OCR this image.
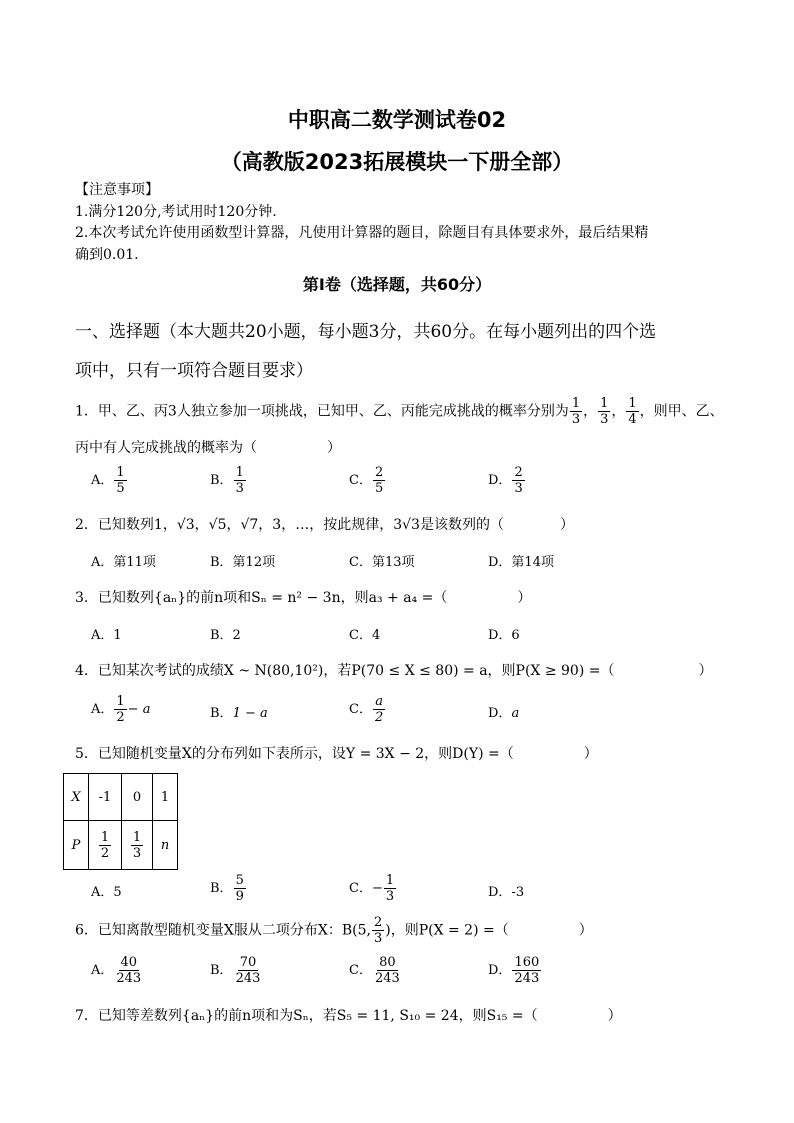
中职高二数学测试卷02
（高教版2023拓展模块一下册全部）
【注意事项】
1.满分120分,考试用时120分钟.
2.本次考试允许使用函数型计算器，凡使用计算器的题目，除题目有具体要求外，最后结果精
确到0.01.
第Ⅰ卷（选择题，共60分）
一、选择题（本大题共20小题，每小题3分，共60分。在每小题列出的四个选
项中，只有一项符合题目要求）
1．甲、乙、丙3人独立参加一项挑战，已知甲、乙、丙能完成挑战的概率分别为 $\frac{1}{3}$ ， $\frac{1}{3}$ ， $\frac{1}{4}$ ，则甲、乙、
丙中有人完成挑战的概率为（　　　　　）
A． $\frac{1}{5}$	B． $\frac{1}{3}$	C． $\frac{2}{5}$	D． $\frac{2}{3}$
2．已知数列1，√3，√5，√7，3，…，按此规律，3√3是该数列的（　　　　）
A．第11项	B．第12项	C．第13项	D．第14项
3．已知数列{aₙ}的前n项和Sₙ = n² − 3n，则a₃ + a₄ =（　　　　　）
A．1	B．2	C．4	D．6
4．已知某次考试的成绩X ~ N(80,10²)，若P(70 ≤ X ≤ 80) = a，则P(X ≥ 90) =（　　　　　　）
A． $\frac{1}{2} - a$	B．1 − a	C． $\frac{a}{2}$	D．a
5．已知随机变量X的分布列如下表所示，设Y = 3X − 2，则D(Y) =（　　　　　）
X	-1	0	1
P	$\frac{1}{2}$	$\frac{1}{3}$	n
A．5	B． $\frac{5}{9}$	C．− $\frac{1}{3}$	D．-3
6．已知离散型随机变量X服从二项分布X：B(5, $\frac{2}{3}$ )，则P(X = 2) =（　　　　　）
A． $\frac{40}{243}$	B． $\frac{70}{243}$	C． $\frac{80}{243}$	D． $\frac{160}{243}$
7．已知等差数列{aₙ}的前n项和为Sₙ，若S₅ = 11, S₁₀ = 24，则S₁₅ =（　　　　　）
